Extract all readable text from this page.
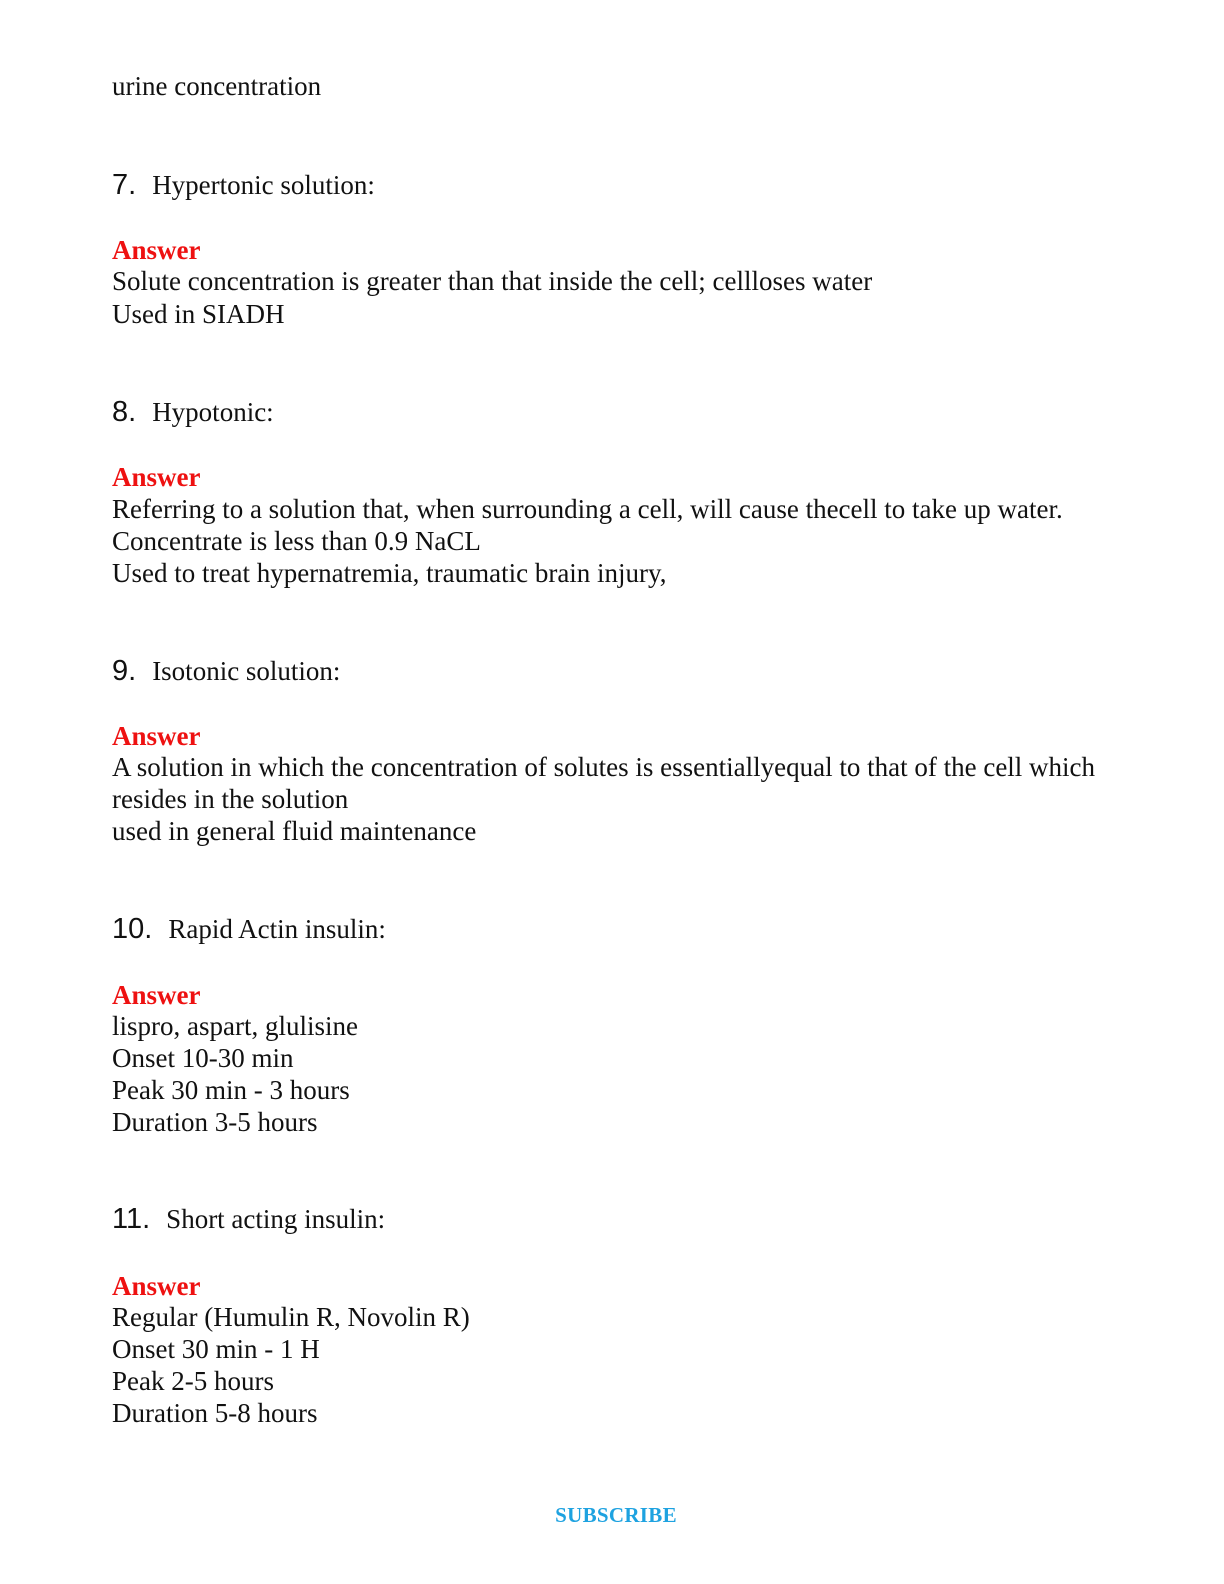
urine concentration
7. Hypertonic solution:
Answer
Solute concentration is greater than that inside the cell; cellloses water
Used in SIADH
8. Hypotonic:
Answer
Referring to a solution that, when surrounding a cell, will cause thecell to take up water.
Concentrate is less than 0.9 NaCL
Used to treat hypernatremia, traumatic brain injury,
9. Isotonic solution:
Answer
A solution in which the concentration of solutes is essentiallyequal to that of the cell which
resides in the solution
used in general fluid maintenance
10. Rapid Actin insulin:
Answer
lispro, aspart, glulisine
Onset 10-30 min
Peak 30 min - 3 hours
Duration 3-5 hours
11. Short acting insulin:
Answer
Regular (Humulin R, Novolin R)
Onset 30 min - 1 H
Peak 2-5 hours
Duration 5-8 hours
SUBSCRIBE
